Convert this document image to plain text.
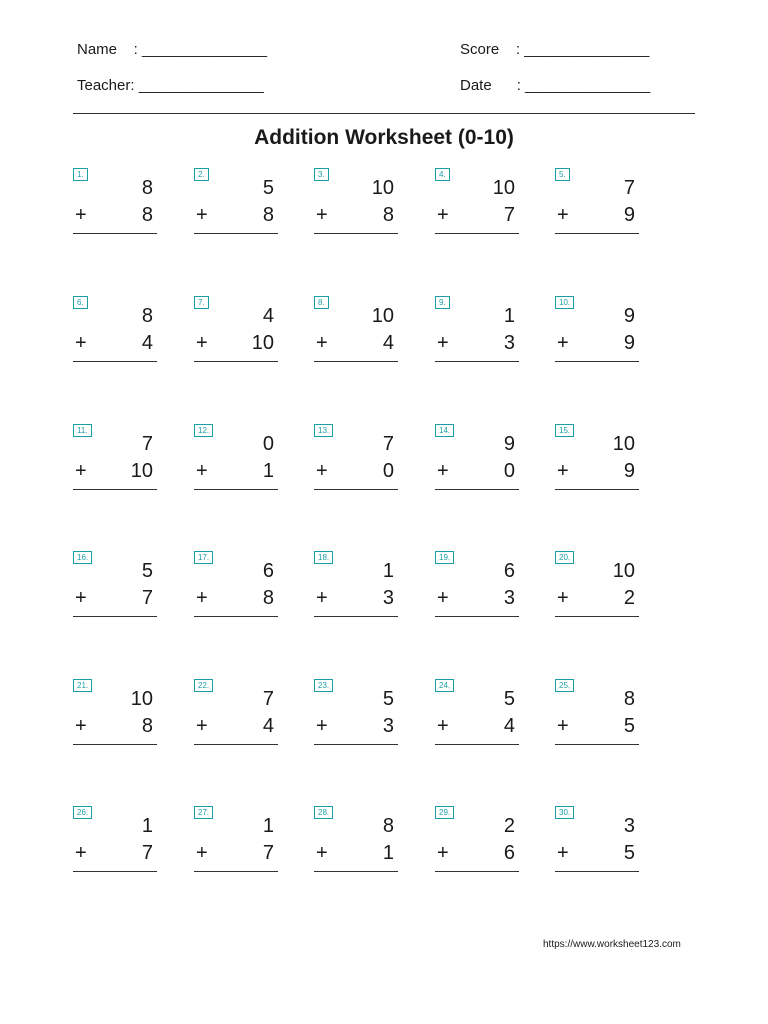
Name    : _______________	Score    : _______________
Teacher: _______________	Date      : _______________
Addition Worksheet (0-10)
1.
8
+	8
2.
5
+	8
3.
10
+	8
4.
10
+	7
5.
7
+	9
6.
8
+	4
7.
4
+ 10
8.
10
+	4
9.
1
+	3
10.
9
+	9
11.
7
+ 10
12.
0
+	1
13.
7
+	0
14.
9
+	0
15.
10
+	9
16.
5
+	7
17.
6
+	8
18.
1
+	3
19.
6
+	3
20.
10
+	2
21.
10
+	8
22.
7
+	4
23.
5
+	3
24.
5
+	4
25.
8
+	5
26.
1
+	7
27.
1
+	7
28.
8
+	1
29.
2
+	6
30.
3
+	5
https://www.worksheet123.com
